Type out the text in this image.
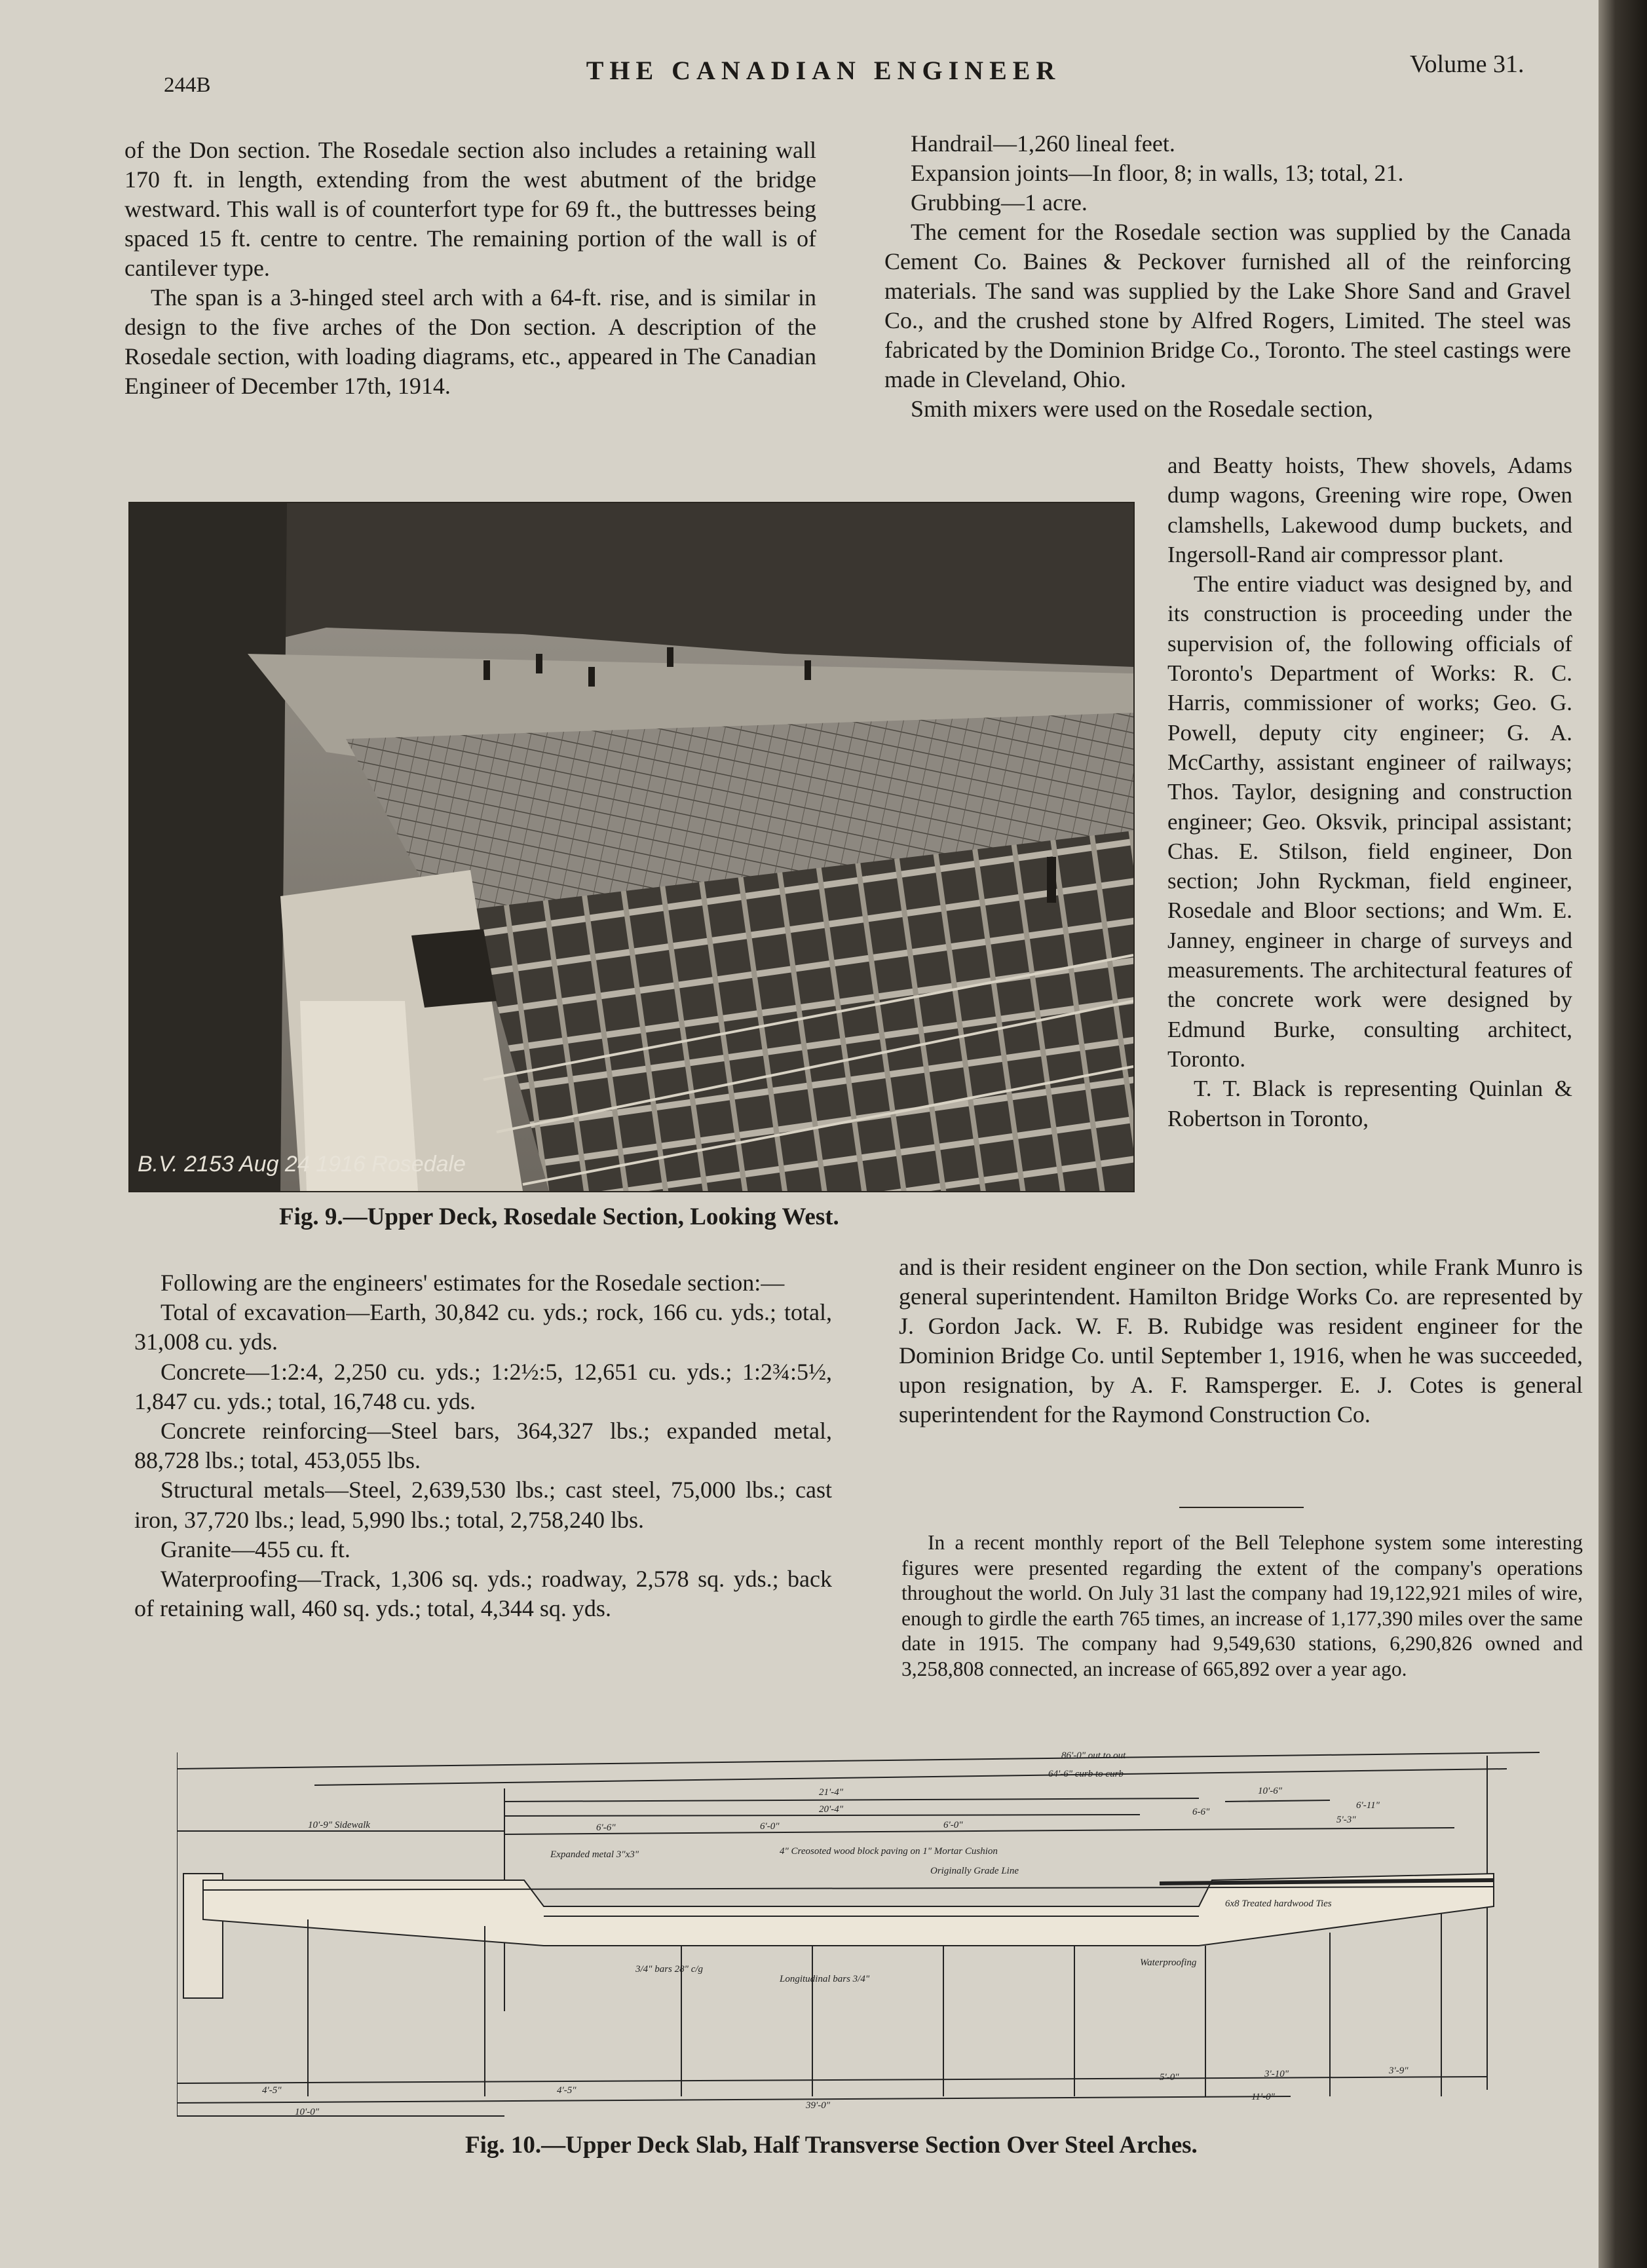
244B	THE CANADIAN ENGINEER	Volume 31.

of the Don section. The Rosedale section also includes a retaining wall 170 ft. in length, extending from the west abutment of the bridge westward. This wall is of counterfort type for 69 ft., the buttresses being spaced 15 ft. centre to centre. The remaining portion of the wall is of cantilever type.

The span is a 3-hinged steel arch with a 64-ft. rise, and is similar in design to the five arches of the Don section. A description of the Rosedale section, with loading diagrams, etc., appeared in The Canadian Engineer of December 17th, 1914.

Handrail—1,260 lineal feet.

Expansion joints—In floor, 8; in walls, 13; total, 21.

Grubbing—1 acre.

The cement for the Rosedale section was supplied by the Canada Cement Co. Baines & Peckover furnished all of the reinforcing materials. The sand was supplied by the Lake Shore Sand and Gravel Co., and the crushed stone by Alfred Rogers, Limited. The steel was fabricated by the Dominion Bridge Co., Toronto. The steel castings were made in Cleveland, Ohio.

Smith mixers were used on the Rosedale section,

B.V. 2153 Aug 24 1916 Rosedale
Fig. 9.—Upper Deck, Rosedale Section, Looking West.

and Beatty hoists, Thew shovels, Adams dump wagons, Greening wire rope, Owen clamshells, Lakewood dump buckets, and Ingersoll-Rand air compressor plant.

The entire viaduct was designed by, and its construction is proceeding under the supervision of, the following officials of Toronto's Department of Works: R. C. Harris, commissioner of works; Geo. G. Powell, deputy city engineer; G. A. McCarthy, assistant engineer of railways; Thos. Taylor, designing and construction engineer; Geo. Oksvik, principal assistant; Chas. E. Stilson, field engineer, Don section; John Ryckman, field engineer, Rosedale and Bloor sections; and Wm. E. Janney, engineer in charge of surveys and measurements. The architectural features of the concrete work were designed by Edmund Burke, consulting architect, Toronto.

T. T. Black is representing Quinlan & Robertson in Toronto,

and is their resident engineer on the Don section, while Frank Munro is general superintendent. Hamilton Bridge Works Co. are represented by J. Gordon Jack. W. F. B. Rubidge was resident engineer for the Dominion Bridge Co. until September 1, 1916, when he was succeeded, upon resignation, by A. F. Ramsperger. E. J. Cotes is general superintendent for the Raymond Construction Co.

In a recent monthly report of the Bell Telephone system some interesting figures were presented regarding the extent of the company's operations throughout the world. On July 31 last the company had 19,122,921 miles of wire, enough to girdle the earth 765 times, an increase of 1,177,390 miles over the same date in 1915. The company had 9,549,630 stations, 6,290,826 owned and 3,258,808 connected, an increase of 665,892 over a year ago.

Following are the engineers' estimates for the Rosedale section:—

Total of excavation—Earth, 30,842 cu. yds.; rock, 166 cu. yds.; total, 31,008 cu. yds.

Concrete—1:2:4, 2,250 cu. yds.; 1:2½:5, 12,651 cu. yds.; 1:2¾:5½, 1,847 cu. yds.; total, 16,748 cu. yds.

Concrete reinforcing—Steel bars, 364,327 lbs.; expanded metal, 88,728 lbs.; total, 453,055 lbs.

Structural metals—Steel, 2,639,530 lbs.; cast steel, 75,000 lbs.; cast iron, 37,720 lbs.; lead, 5,990 lbs.; total, 2,758,240 lbs.

Granite—455 cu. ft.

Waterproofing—Track, 1,306 sq. yds.; roadway, 2,578 sq. yds.; back of retaining wall, 460 sq. yds.; total, 4,344 sq. yds.

86'-0" out to out
64'-6" curb to curb
21'-4"
20'-4"
10'-6"
10'-9" Sidewalk	6'-6"	6'-0"	6'-0"
6-6"
5'-3"
6'-11"
4" Creosoted wood block paving on 1" Mortar Cushion
Originally Grade Line
Expanded metal 3"x3"
6x8 Treated hardwood Ties
Waterproofing
Longitudinal bars 3/4"
3/4" bars 28" c/g
4'-5"	4'-5"
5'-0"	3'-10"	3'-9"
39'-0"
11'-0"
10'-0"
Fig. 10.—Upper Deck Slab, Half Transverse Section Over Steel Arches.
